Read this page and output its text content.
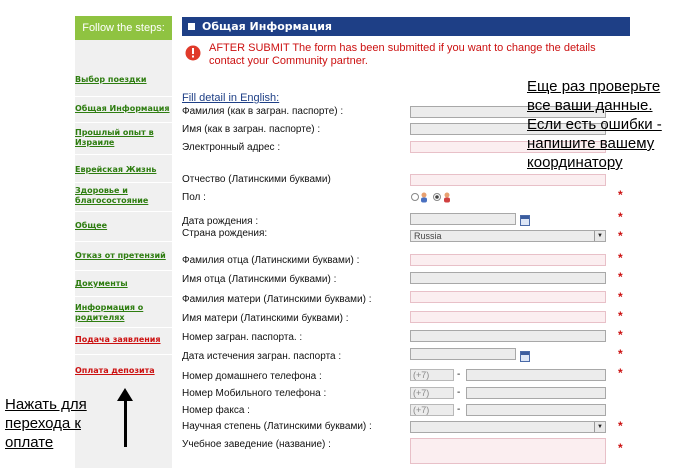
Follow the steps:
Выбор поездки
Общая Информация
Прошлый опыт в Израиле
Еврейская Жизнь
Здоровье и благосостояние
Общее
Отказ от претензий
Документы
Информация о родителях
Подача заявления
Оплата депозита
Общая Информация
AFTER SUBMIT The form has been submitted if you want to change the details contact your Community partner.
Fill detail in English:
Фамилия (как в загран. паспорте) :
Имя (как в загран. паспорте) :
Электронный адрес :
Отчество (Латинскими буквами)
Пол :	*
Дата рождения :	*
Страна рождения:	Russia	▼ *
Фамилия отца (Латинскими буквами) :	*
Имя отца (Латинскими буквами) :	*
Фамилия матери (Латинскими буквами) :	*
Имя матери (Латинскими буквами) :	*
Номер загран. паспорта. :	*
Дата истечения загран. паспорта :	*
Номер домашнего телефона :	(+7)	-	*
Номер Мобильного телефона :	(+7)	-
Номер факса :	(+7)	-
Научная степень (Латинскими буквами) :	▼ *
Учебное заведение (название) :	*
Еще раз проверьте
все ваши данные.
Если есть ошибки -
напишите вашему
координатору
Нажать для
перехода к
оплате
